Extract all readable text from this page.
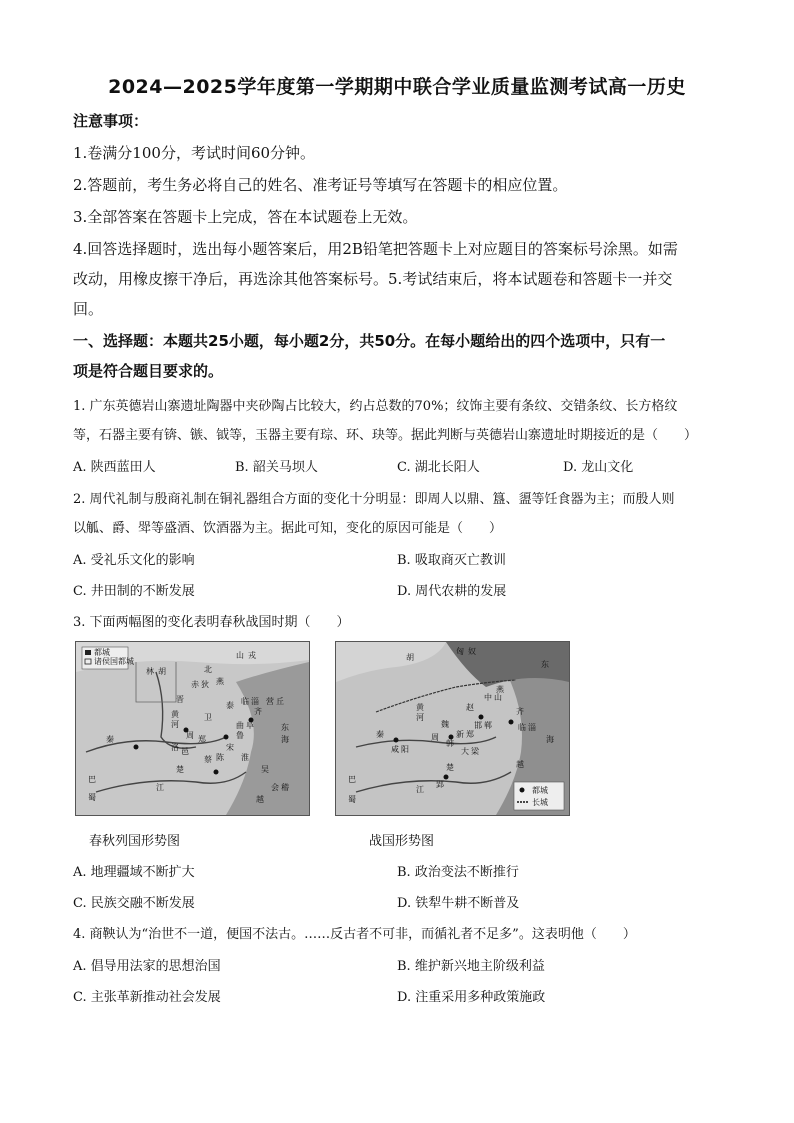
2024—2025学年度第一学期期中联合学业质量监测考试高一历史
注意事项：
1.卷满分100分，考试时间60分钟。
2.答题前，考生务必将自己的姓名、准考证号等填写在答题卡的相应位置。
3.全部答案在答题卡上完成，答在本试题卷上无效。
4.回答选择题时，选出每小题答案后，用2B铅笔把答题卡上对应题目的答案标号涂黑。如需
改动，用橡皮擦干净后，再选涂其他答案标号。5.考试结束后，将本试题卷和答题卡一并交
回。
一、选择题：本题共25小题，每小题2分，共50分。在每小题给出的四个选项中，只有一
项是符合题目要求的。
1. 广东英德岩山寨遗址陶器中夹砂陶占比较大，约占总数的70%；纹饰主要有条纹、交错条纹、长方格纹
等，石器主要有锛、镞、钺等，玉器主要有琮、环、玦等。据此判断与英德岩山寨遗址时期接近的是（　　）
A. 陕西蓝田人	B. 韶关马坝人	C. 湖北长阳人	D. 龙山文化
2. 周代礼制与殷商礼制在铜礼器组合方面的变化十分明显：即周人以鼎、簋、盨等饪食器为主；而殷人则
以觚、爵、斝等盛酒、饮酒器为主。据此可知，变化的原因可能是（　　）
A. 受礼乐文化的影响	B. 吸取商灭亡教训
C. 井田制的不断发展	D. 周代农耕的发展
3. 下面两幅图的变化表明春秋战国时期（　　）
都城
诸侯国都城
山 戎
林 胡
晋
燕
齐
鲁
秦
卫
宋
周 郑
陈
蔡
楚	吴
越
巴
蜀
海
东
黄
河
淮
江
赤 狄
北
洛 邑
曲 阜
会 稽
泰	营 丘
临 淄
都城
长城
匈 奴
胡
东
燕
赵
中 山
魏
韩
齐
秦	周
楚	越
巴
蜀
海
黄
河
江
咸 阳
邯 郸
大 梁
郢
新 郑
临 淄
春秋列国形势图	战国形势图
A. 地理疆域不断扩大	B. 政治变法不断推行
C. 民族交融不断发展	D. 铁犁牛耕不断普及
4. 商鞅认为“治世不一道，便国不法古。……反古者不可非，而循礼者不足多”。这表明他（　　）
A. 倡导用法家的思想治国	B. 维护新兴地主阶级利益
C. 主张革新推动社会发展	D. 注重采用多种政策施政
